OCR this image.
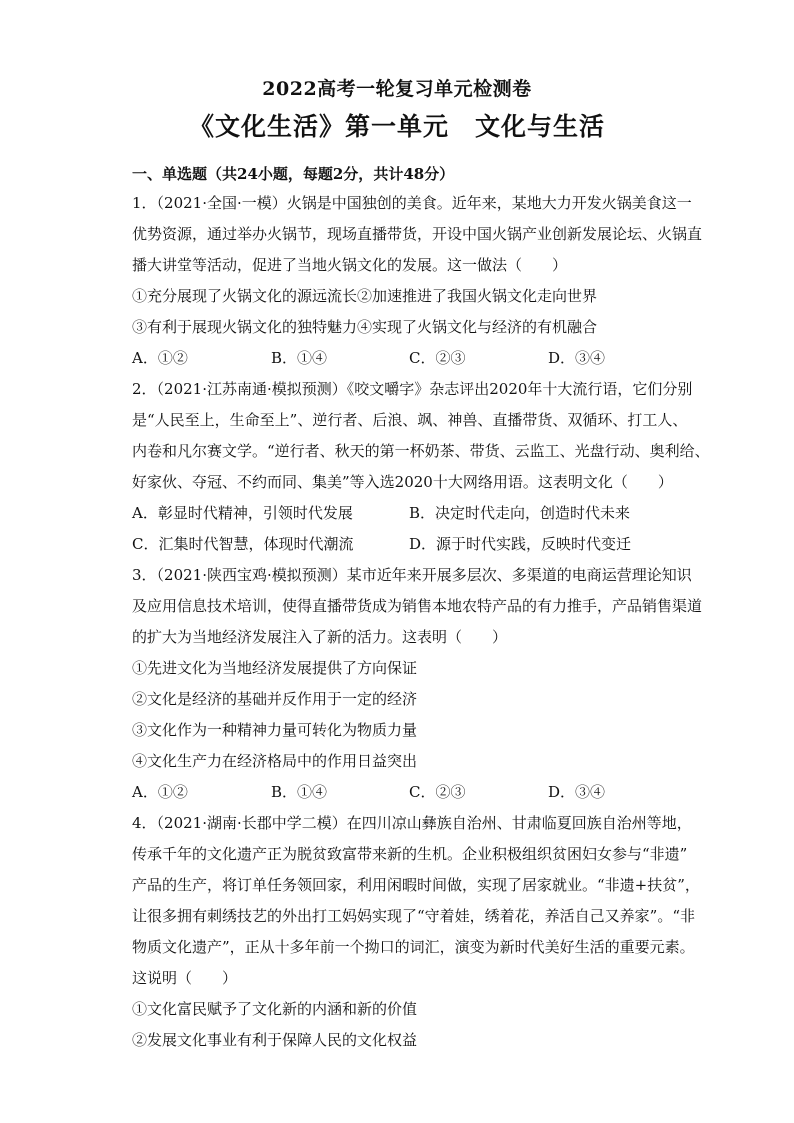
2022高考一轮复习单元检测卷
《文化生活》第一单元　文化与生活
一、单选题（共24小题，每题2分，共计48分）
1．（2021·全国·一模）火锅是中国独创的美食。近年来，某地大力开发火锅美食这一
优势资源，通过举办火锅节，现场直播带货，开设中国火锅产业创新发展论坛、火锅直
播大讲堂等活动，促进了当地火锅文化的发展。这一做法（　　）
①充分展现了火锅文化的源远流长②加速推进了我国火锅文化走向世界
③有利于展现火锅文化的独特魅力④实现了火锅文化与经济的有机融合
A．①②	B．①④	C．②③	D．③④
2．（2021·江苏南通·模拟预测）《咬文嚼字》杂志评出2020年十大流行语，它们分别
是“人民至上，生命至上”、逆行者、后浪、飒、神兽、直播带货、双循环、打工人、
内卷和凡尔赛文学。“逆行者、秋天的第一杯奶茶、带货、云监工、光盘行动、奥利给、
好家伙、夺冠、不约而同、集美”等入选2020十大网络用语。这表明文化（　　）
A．彰显时代精神，引领时代发展	B．决定时代走向，创造时代未来
C．汇集时代智慧，体现时代潮流	D．源于时代实践，反映时代变迁
3．（2021·陕西宝鸡·模拟预测）某市近年来开展多层次、多渠道的电商运营理论知识
及应用信息技术培训，使得直播带货成为销售本地农特产品的有力推手，产品销售渠道
的扩大为当地经济发展注入了新的活力。这表明（　　）
①先进文化为当地经济发展提供了方向保证
②文化是经济的基础并反作用于一定的经济
③文化作为一种精神力量可转化为物质力量
④文化生产力在经济格局中的作用日益突出
A．①②	B．①④	C．②③	D．③④
4．（2021·湖南·长郡中学二模）在四川凉山彝族自治州、甘肃临夏回族自治州等地，
传承千年的文化遗产正为脱贫致富带来新的生机。企业积极组织贫困妇女参与“非遗”
产品的生产，将订单任务领回家，利用闲暇时间做，实现了居家就业。“非遗+扶贫”，
让很多拥有刺绣技艺的外出打工妈妈实现了“守着娃，绣着花，养活自己又养家”。“非
物质文化遗产”，正从十多年前一个拗口的词汇，演变为新时代美好生活的重要元素。
这说明（　　）
①文化富民赋予了文化新的内涵和新的价值
②发展文化事业有利于保障人民的文化权益
